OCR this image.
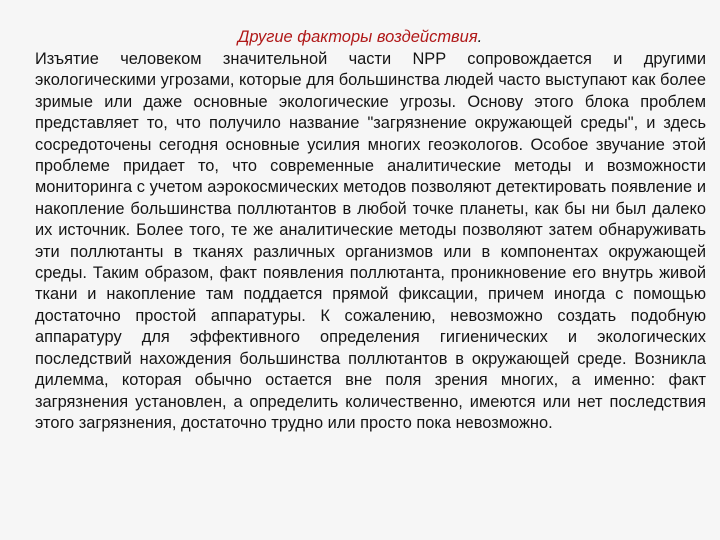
Другие факторы воздействия.

Изъятие человеком значительной части NPP сопровождается и другими экологическими угрозами, которые для большинства людей часто выступают как более зримые или даже основные экологические угрозы. Основу этого блока проблем представляет то, что получило название "загрязнение окружающей среды", и здесь сосредоточены сегодня основные усилия многих геоэкологов. Особое звучание этой проблеме придает то, что современные аналитические методы и возможности мониторинга с учетом аэрокосмических методов позволяют детектировать появление и накопление большинства поллютантов в любой точке планеты, как бы ни был далеко их источник. Более того, те же аналитические методы позволяют затем обнаруживать эти поллютанты в тканях различных организмов или в компонентах окружающей среды. Таким образом, факт появления поллютанта, проникновение его внутрь живой ткани и накопление там поддается прямой фиксации, причем иногда с помощью достаточно простой аппаратуры. К сожалению, невозможно создать подобную аппаратуру для эффективного определения гигиенических и экологических последствий нахождения большинства поллютантов в окружающей среде. Возникла дилемма, которая обычно остается вне поля зрения многих, а именно: факт загрязнения установлен, а определить количественно, имеются или нет последствия этого загрязнения, достаточно трудно или просто пока невозможно.
